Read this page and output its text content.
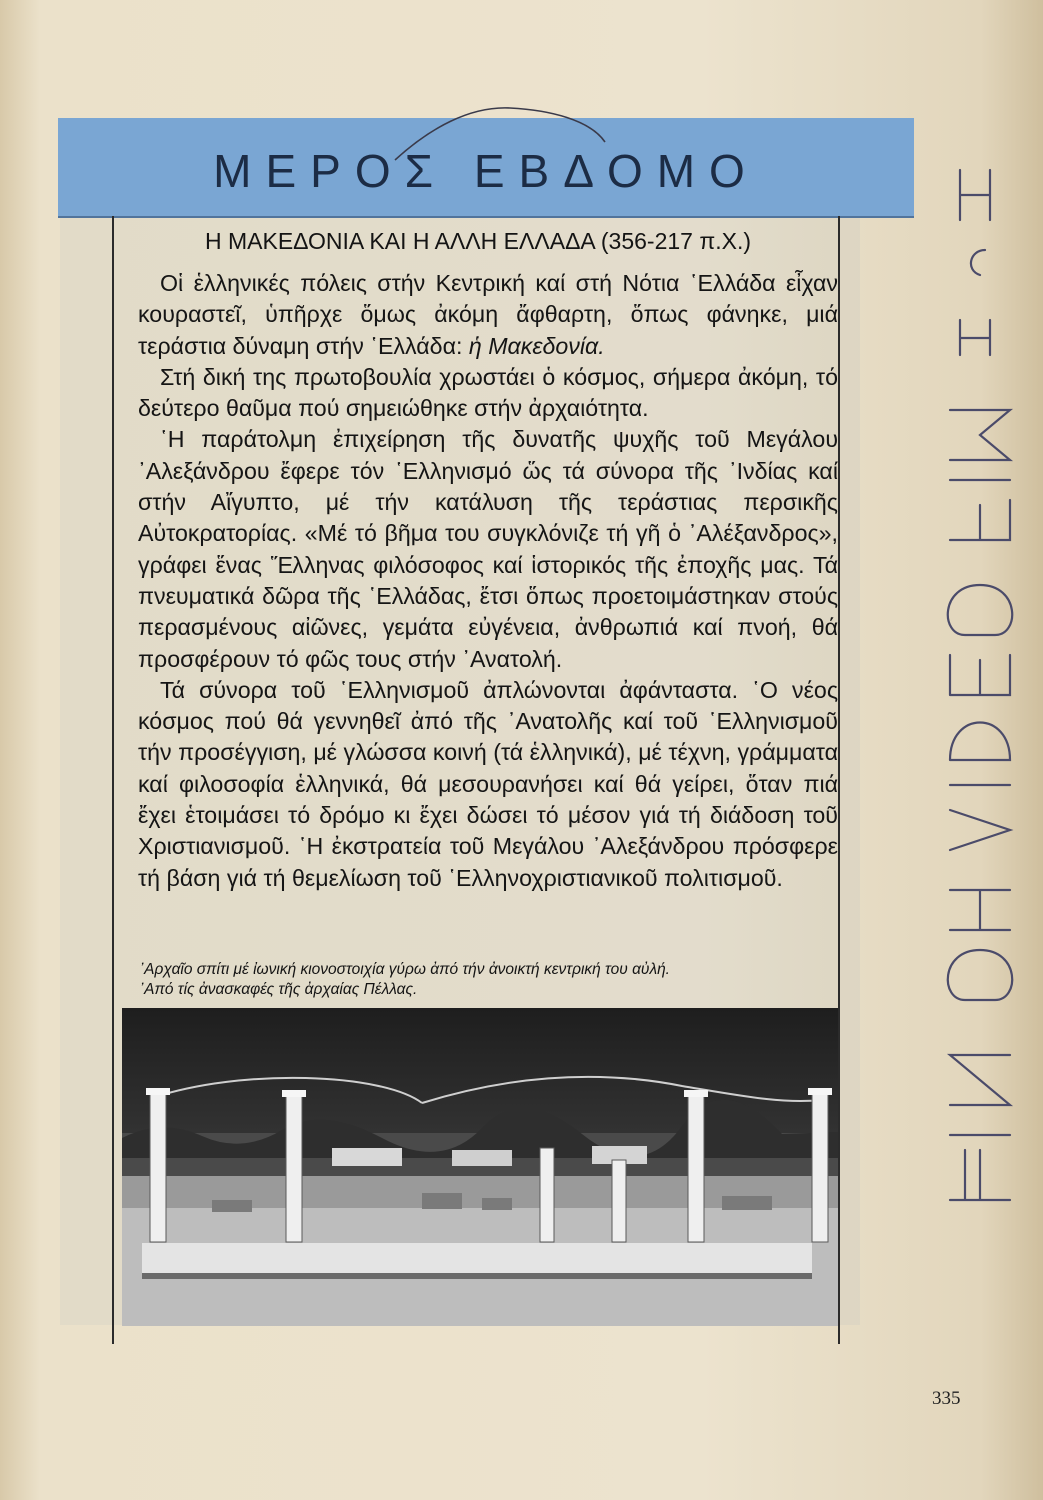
ΜΕΡΟΣ ΕΒΔΟΜΟ
Η ΜΑΚΕΔΟΝΙΑ ΚΑΙ Η ΑΛΛΗ ΕΛΛΑΔΑ (356-217 π.Χ.)

Οἱ ἑλληνικές πόλεις στήν Κεντρική καί στή Νότια ῾Ελλάδα εἶχαν κουραστεῖ, ὑπῆρχε ὅμως ἀκόμη ἄφθαρτη, ὅπως φάνηκε, μιά τεράστια δύναμη στήν ῾Ελλάδα: ἡ Μακεδονία.

Στή δική της πρωτοβουλία χρωστάει ὁ κόσμος, σήμερα ἀκόμη, τό δεύτερο θαῦμα πού σημειώθηκε στήν ἀρχαιότητα.

῾Η παράτολμη ἐπιχείρηση τῆς δυνατῆς ψυχῆς τοῦ Μεγάλου ᾿Αλεξάνδρου ἔφερε τόν ῾Ελληνισμό ὥς τά σύνορα τῆς ᾿Ινδίας καί στήν Αἴγυπτο, μέ τήν κατάλυση τῆς τεράστιας περσικῆς Αὐτοκρατορίας. «Μέ τό βῆμα του συγκλόνιζε τή γῆ ὁ ᾿Αλέξανδρος», γράφει ἕνας Ἕλληνας φιλόσοφος καί ἱστορικός τῆς ἐποχῆς μας. Τά πνευματικά δῶρα τῆς ῾Ελλάδας, ἔτσι ὅπως προετοιμάστηκαν στούς περασμένους αἰῶνες, γεμάτα εὐγένεια, ἀνθρωπιά καί πνοή, θά προσφέρουν τό φῶς τους στήν ᾿Ανατολή.

Τά σύνορα τοῦ ῾Ελληνισμοῦ ἀπλώνονται ἀφάνταστα. ῾Ο νέος κόσμος πού θά γεννηθεῖ ἀπό τῆς ᾿Ανατολῆς καί τοῦ ῾Ελληνισμοῦ τήν προσέγγιση, μέ γλώσσα κοινή (τά ἑλληνικά), μέ τέχνη, γράμματα καί φιλοσοφία ἑλληνικά, θά μεσουρανήσει καί θά γείρει, ὅταν πιά ἔχει ἑτοιμάσει τό δρόμο κι ἔχει δώσει τό μέσον γιά τή διάδοση τοῦ Χριστιανισμοῦ. ῾Η ἐκστρατεία τοῦ Μεγάλου ᾿Αλεξάνδρου πρόσφερε τή βάση γιά τή θεμελίωση τοῦ ῾Ελληνοχριστιανικοῦ πολιτισμοῦ.

᾿Αρχαῖο σπίτι μέ ἰωνική κιονοστοιχία γύρω ἀπό τήν ἀνοικτή κεντρική του αὐλή.
᾿Από τίς ἀνασκαφές τῆς ἀρχαίας Πέλλας.
335
